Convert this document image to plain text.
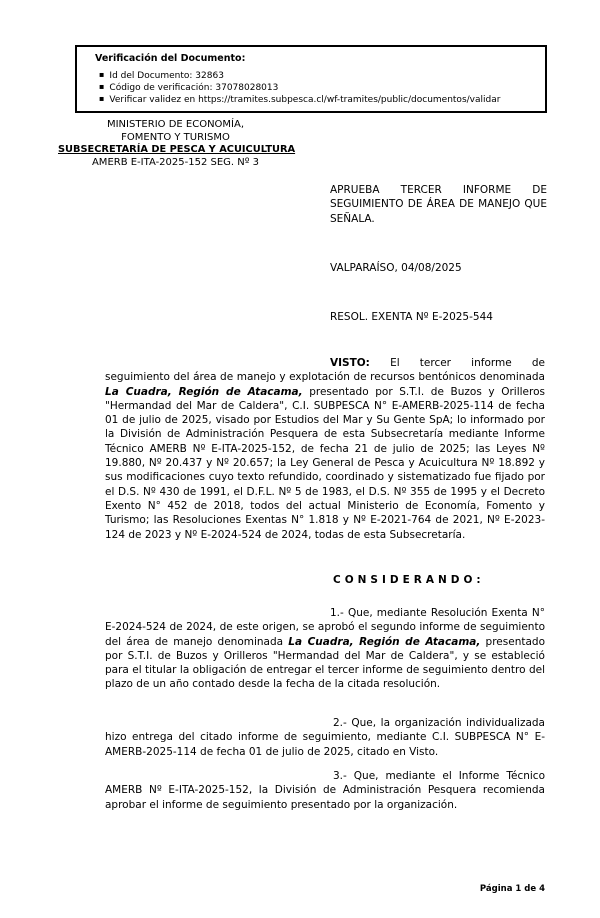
Verificación del Documento:
▪ Id del Documento: 32863
▪ Código de verificación: 37078028013
▪ Verificar validez en https://tramites.subpesca.cl/wf-tramites/public/documentos/validar
MINISTERIO DE ECONOMÍA,
FOMENTO Y TURISMO
SUBSECRETARÍA DE PESCA Y ACUICULTURA
AMERB E-ITA-2025-152 SEG. Nº 3
APRUEBA TERCER INFORME DE SEGUIMIENTO DE ÁREA DE MANEJO QUE SEÑALA.
VALPARAÍSO, 04/08/2025
RESOL. EXENTA Nº E-2025-544

VISTO: El tercer informe de seguimiento del área de manejo y explotación de recursos bentónicos denominada La Cuadra, Región de Atacama, presentado por S.T.I. de Buzos y Orilleros "Hermandad del Mar de Caldera", C.I. SUBPESCA N° E-AMERB-2025-114 de fecha 01 de julio de 2025, visado por Estudios del Mar y Su Gente SpA; lo informado por la División de Administración Pesquera de esta Subsecretaría mediante Informe Técnico AMERB Nº E-ITA-2025-152, de fecha 21 de julio de 2025; las Leyes Nº 19.880, Nº 20.437 y Nº 20.657; la Ley General de Pesca y Acuicultura Nº 18.892 y sus modificaciones cuyo texto refundido, coordinado y sistematizado fue fijado por el D.S. Nº 430 de 1991, el D.F.L. Nº 5 de 1983, el D.S. Nº 355 de 1995 y el Decreto Exento N° 452 de 2018, todos del actual Ministerio de Economía, Fomento y Turismo; las Resoluciones Exentas N° 1.818 y Nº E-2021-764 de 2021, Nº E-2023-124 de 2023 y Nº E-2024-524 de 2024, todas de esta Subsecretaría.

CONSIDERANDO:

1.- Que, mediante Resolución Exenta N° E-2024-524 de 2024, de este origen, se aprobó el segundo informe de seguimiento del área de manejo denominada La Cuadra, Región de Atacama, presentado por S.T.I. de Buzos y Orilleros "Hermandad del Mar de Caldera", y se estableció para el titular la obligación de entregar el tercer informe de seguimiento dentro del plazo de un año contado desde la fecha de la citada resolución.

2.- Que, la organización individualizada hizo entrega del citado informe de seguimiento, mediante C.I. SUBPESCA N° E-AMERB-2025-114 de fecha 01 de julio de 2025, citado en Visto.

3.- Que, mediante el Informe Técnico AMERB Nº E-ITA-2025-152, la División de Administración Pesquera recomienda aprobar el informe de seguimiento presentado por la organización.

Página 1 de 4
